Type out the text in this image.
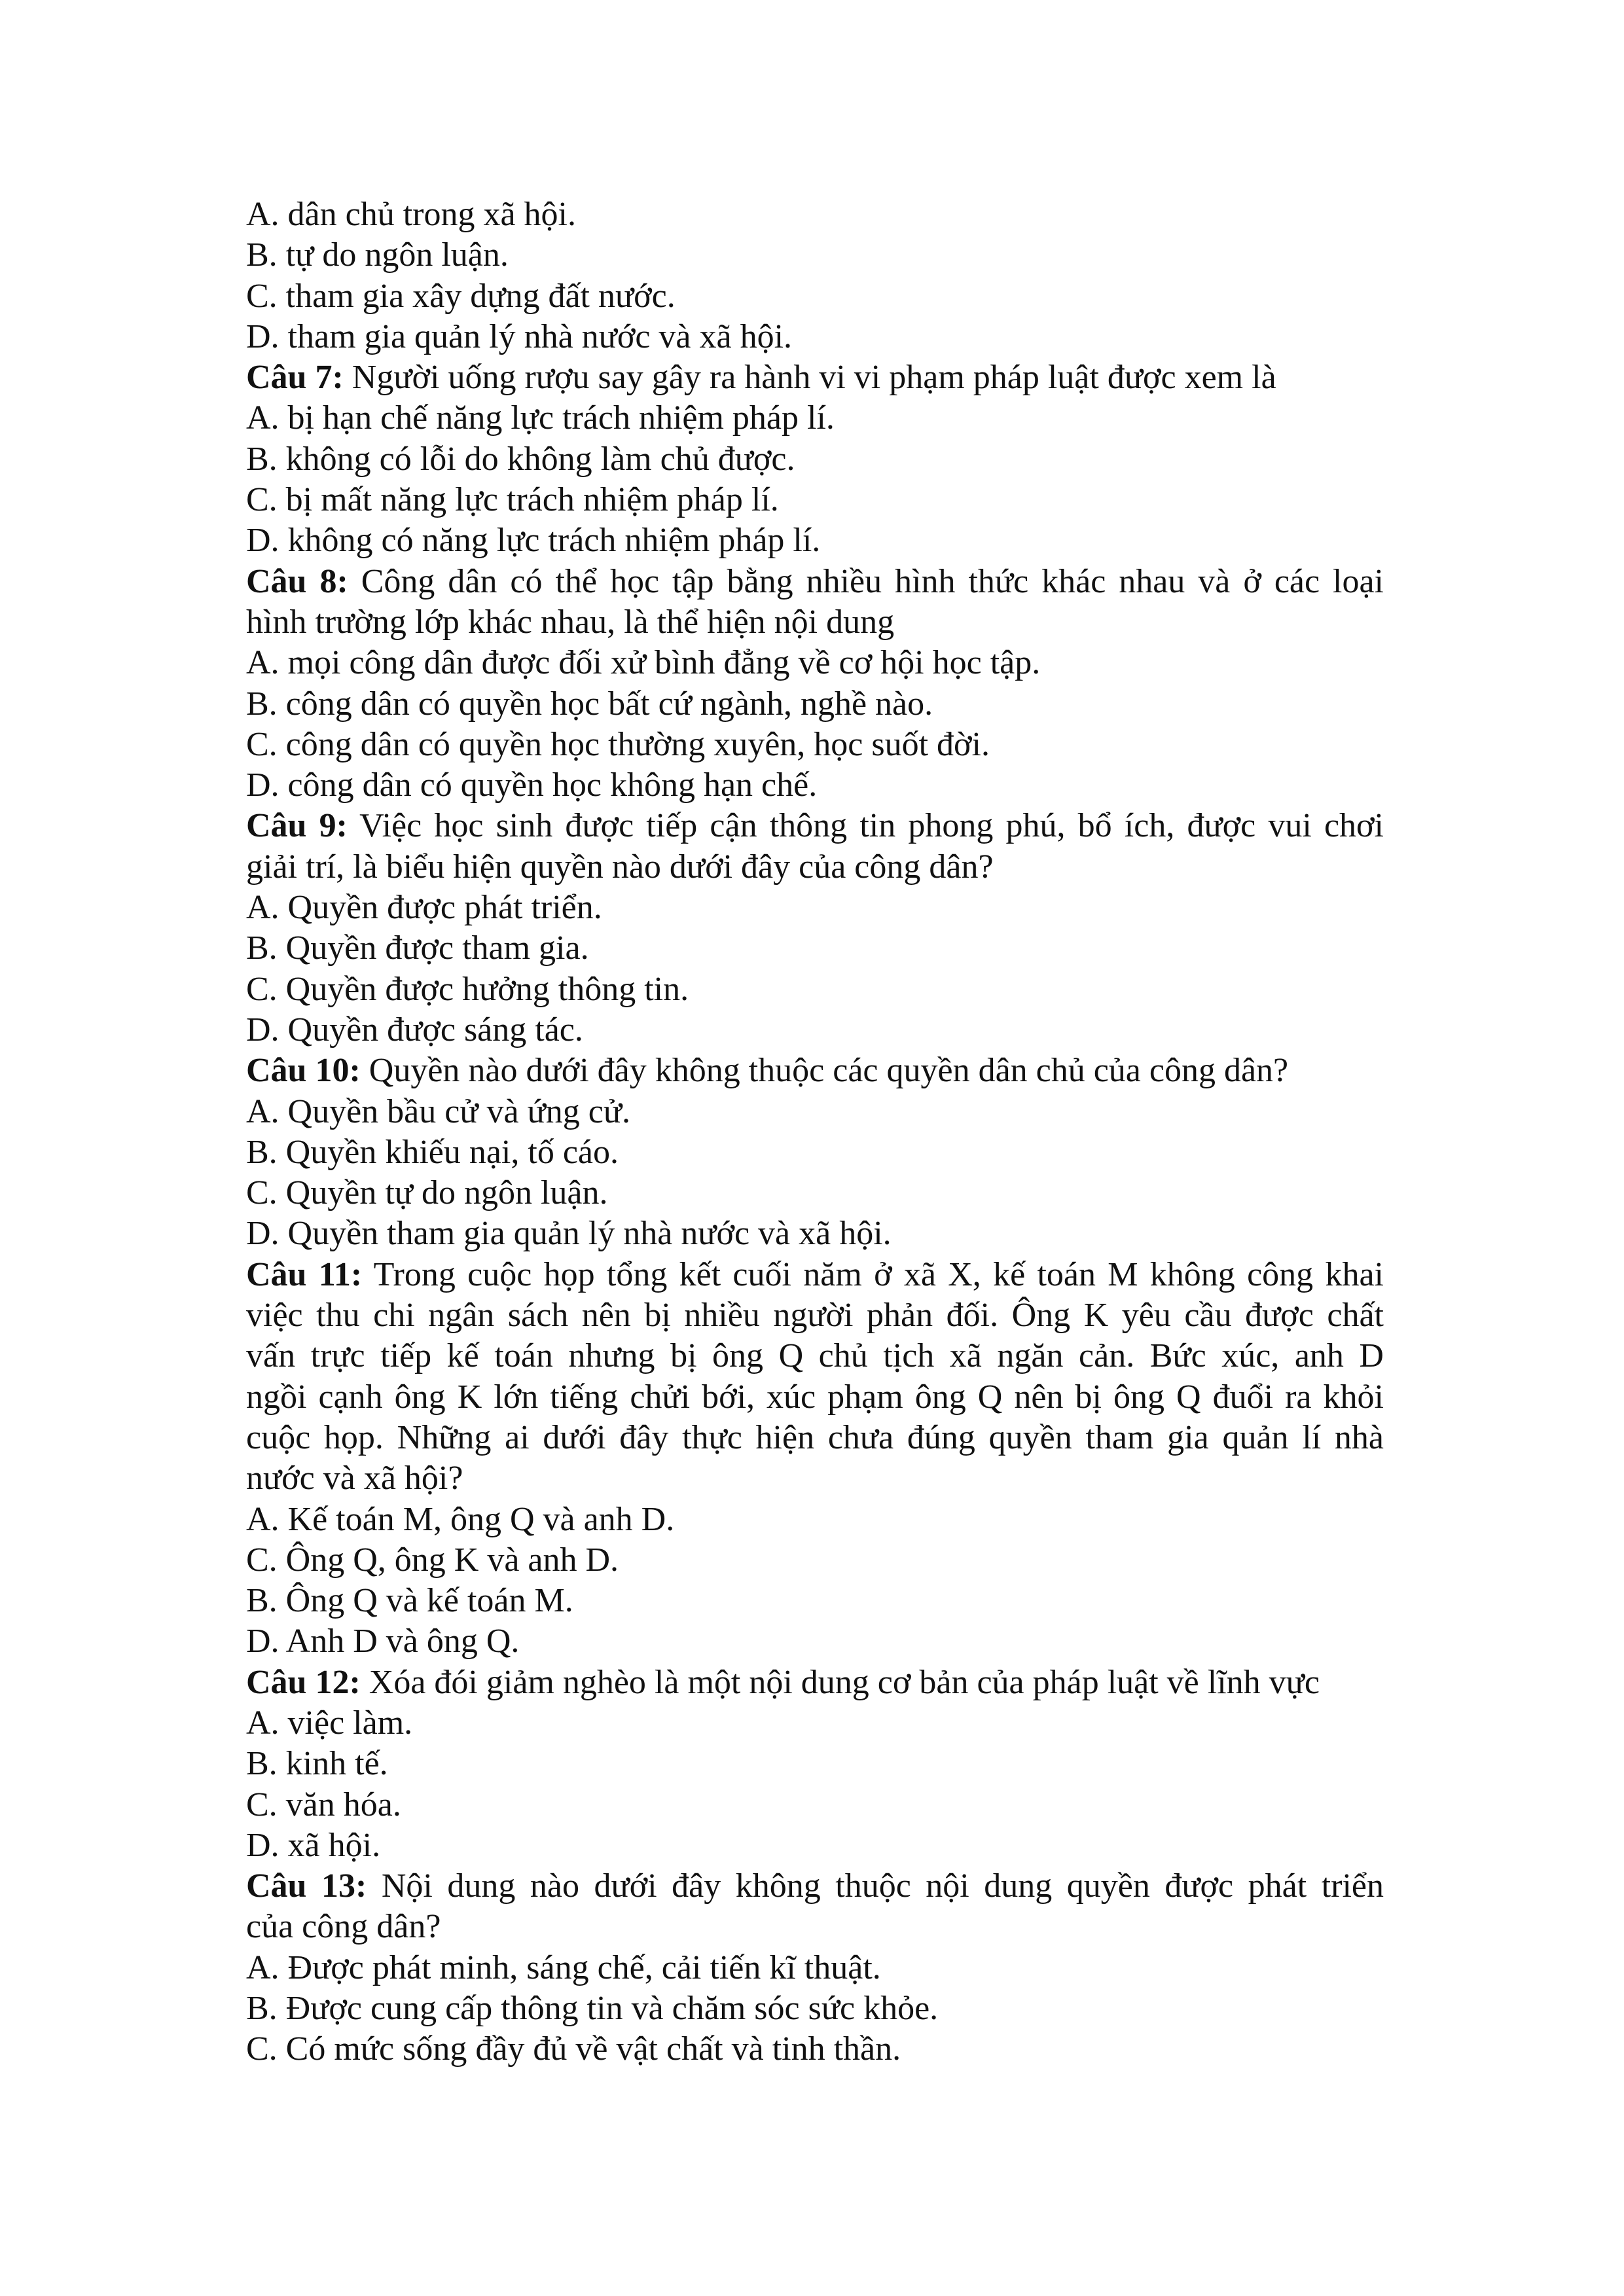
A. dân chủ trong xã hội.

B. tự do ngôn luận.

C. tham gia xây dựng đất nước.

D. tham gia quản lý nhà nước và xã hội.

Câu 7: Người uống rượu say gây ra hành vi vi phạm pháp luật được xem là

A. bị hạn chế năng lực trách nhiệm pháp lí.

B. không có lỗi do không làm chủ được.

C. bị mất năng lực trách nhiệm pháp lí.

D. không có năng lực trách nhiệm pháp lí.

Câu 8: Công dân có thể học tập bằng nhiều hình thức khác nhau và ở các loại

hình trường lớp khác nhau, là thể hiện nội dung

A. mọi công dân được đối xử bình đẳng về cơ hội học tập.

B. công dân có quyền học bất cứ ngành, nghề nào.

C. công dân có quyền học thường xuyên, học suốt đời.

D. công dân có quyền học không hạn chế.

Câu 9: Việc học sinh được tiếp cận thông tin phong phú, bổ ích, được vui chơi

giải trí, là biểu hiện quyền nào dưới đây của công dân?

A. Quyền được phát triển.

B. Quyền được tham gia.

C. Quyền được hưởng thông tin.

D. Quyền được sáng tác.

Câu 10: Quyền nào dưới đây không thuộc các quyền dân chủ của công dân?

A. Quyền bầu cử và ứng cử.

B. Quyền khiếu nại, tố cáo.

C. Quyền tự do ngôn luận.

D. Quyền tham gia quản lý nhà nước và xã hội.

Câu 11: Trong cuộc họp tổng kết cuối năm ở xã X, kế toán M không công khai

việc thu chi ngân sách nên bị nhiều người phản đối. Ông K yêu cầu được chất

vấn trực tiếp kế toán nhưng bị ông Q chủ tịch xã ngăn cản. Bức xúc, anh D

ngồi cạnh ông K lớn tiếng chửi bới, xúc phạm ông Q nên bị ông Q đuổi ra khỏi

cuộc họp. Những ai dưới đây thực hiện chưa đúng quyền tham gia quản lí nhà

nước và xã hội?

A. Kế toán M, ông Q và anh D.

C. Ông Q, ông K và anh D.

B. Ông Q và kế toán M.

D. Anh D và ông Q.

Câu 12: Xóa đói giảm nghèo là một nội dung cơ bản của pháp luật về lĩnh vực

A. việc làm.

B. kinh tế.

C. văn hóa.

D. xã hội.

Câu 13: Nội dung nào dưới đây không thuộc nội dung quyền được phát triển

của công dân?

A. Được phát minh, sáng chế, cải tiến kĩ thuật.

B. Được cung cấp thông tin và chăm sóc sức khỏe.

C. Có mức sống đầy đủ về vật chất và tinh thần.
